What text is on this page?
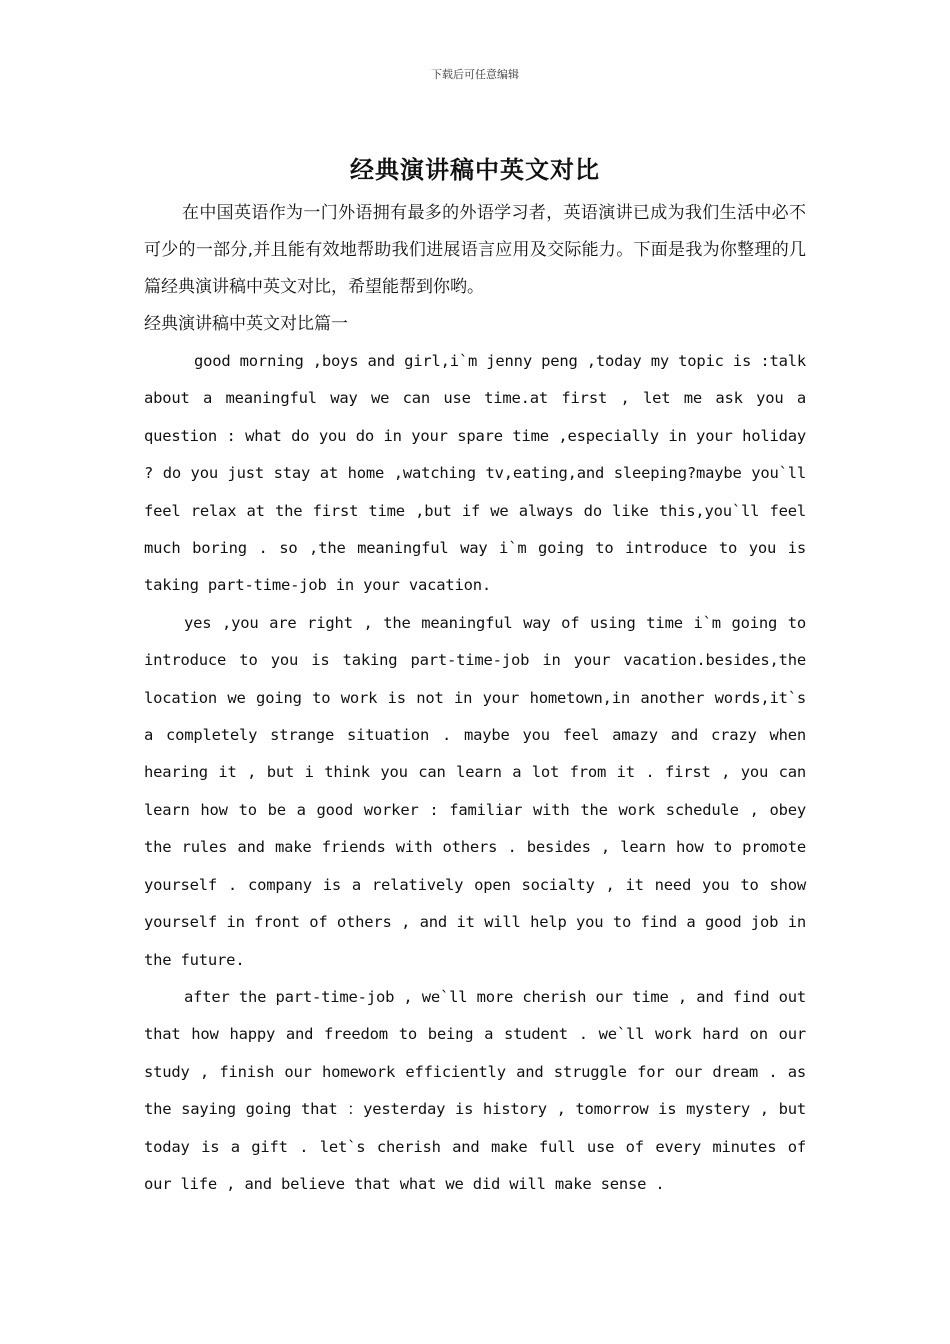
下载后可任意编辑
经典演讲稿中英文对比

在中国英语作为一门外语拥有最多的外语学习者，英语演讲已成为我们生活中必不可少的一部分,并且能有效地帮助我们进展语言应用及交际能力。下面是我为你整理的几篇经典演讲稿中英文对比，希望能帮到你哟。

经典演讲稿中英文对比篇一

good morning ,boys and girl,i`m jenny peng ,today my topic is :talk about a meaningful way we can use time.at first , let me ask you a question : what do you do in your spare time ,especially in your holiday ? do you just stay at home ,watching tv,eating,and sleeping?maybe you`ll feel relax at the first time ,but if we always do like this,you`ll feel much boring . so ,the meaningful way i`m going to introduce to you is taking part-time-job in your vacation.

yes ,you are right , the meaningful way of using time i`m going to introduce to you is taking part-time-job in your vacation.besides,the location we going to work is not in your hometown,in another words,it`s a completely strange situation . maybe you feel amazy and crazy when hearing it , but i think you can learn a lot from it . first , you can learn how to be a good worker : familiar with the work schedule , obey the rules and make friends with others . besides , learn how to promote yourself . company is a relatively open socialty , it need you to show yourself in front of others , and it will help you to find a good job in the future.

after the part-time-job , we`ll more cherish our time , and find out that how happy and freedom to being a student . we`ll work hard on our study , finish our homework efficiently and struggle for our dream . as the saying going that ：yesterday is history , tomorrow is mystery , but today is a gift . let`s cherish and make full use of every minutes of our life , and believe that what we did will make sense .
